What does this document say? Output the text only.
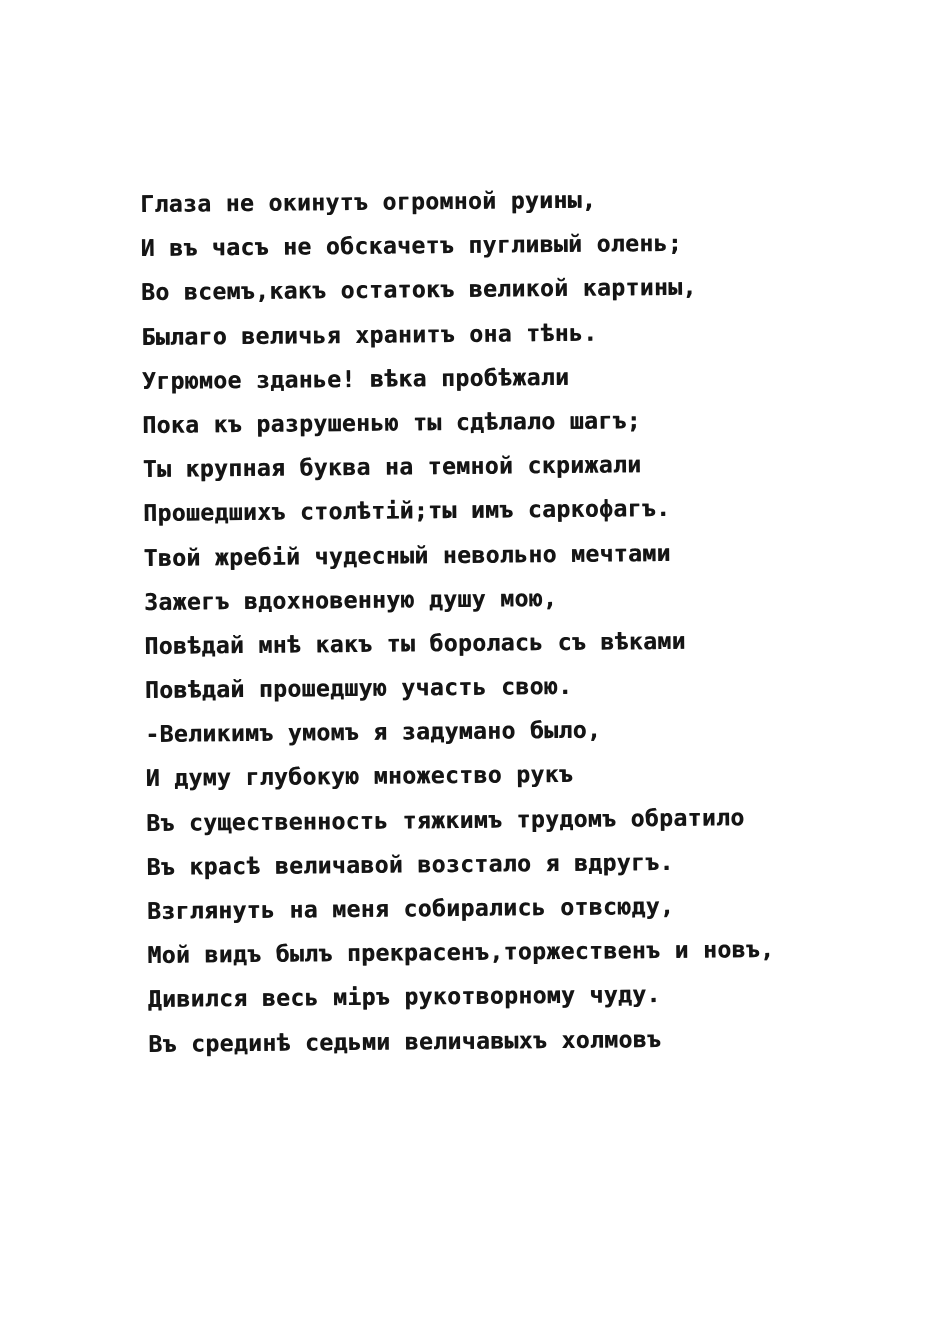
Глаза не окинутъ огромной руины,
И въ часъ не обскачетъ пугливый олень;
Во всемъ,какъ остатокъ великой картины,
Былаго величья хранитъ она тѣнь.
Угрюмое зданье! вѣка пробѣжали
Пока къ разрушенью ты сдѣлало шагъ;
Ты крупная буква на темной скрижали
Прошедшихъ столѣтiй;ты имъ саркофагъ.
Твой жребiй чудесный невольно мечтами
Зажегъ вдохновенную душу мою,
Повѣдай мнѣ какъ ты боролась съ вѣками
Повѣдай прошедшую участь свою.
-Великимъ умомъ я задумано было,
И думу глубокую множество рукъ
Въ существенность тяжкимъ трудомъ обратило
Въ красѣ величавой возстало я вдругъ.
Взглянуть на меня собирались отвсюду,
Мой видъ былъ прекрасенъ,торжественъ и новъ,
Дивился весь мiръ рукотворному чуду.
Въ срединѣ седьми величавыхъ холмовъ
